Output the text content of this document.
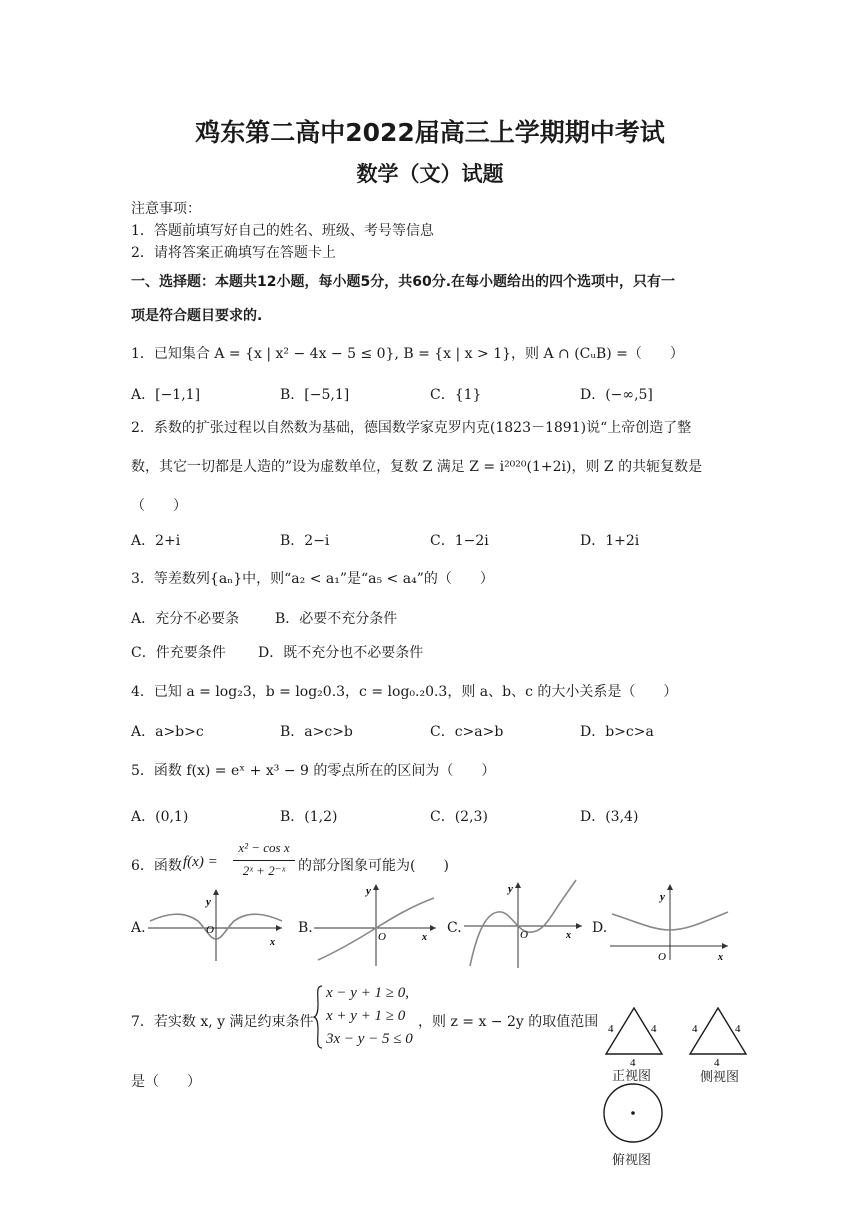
鸡东第二高中2022届高三上学期期中考试
数学（文）试题
注意事项：
1．答题前填写好自己的姓名、班级、考号等信息
2．请将答案正确填写在答题卡上
一、选择题：本题共12小题，每小题5分，共60分.在每小题给出的四个选项中，只有一
项是符合题目要求的.
1．已知集合 A = {x | x² − 4x − 5 ≤ 0}, B = {x | x > 1}，则 A ∩ (CᵤB) =（　　）
A．[−1,1]	B．[−5,1]	C．{1}	D．(−∞,5]
2．系数的扩张过程以自然数为基础，德国数学家克罗内克(1823－1891)说“上帝创造了整
数，其它一切都是人造的”设为虚数单位，复数 Z 满足 Z = i²⁰²⁰(1+2i)，则 Z 的共轭复数是
（　　）
A．2+i	B．2−i	C．1−2i	D．1+2i
3．等差数列{aₙ}中，则“a₂ < a₁”是“a₅ < a₄”的（　　）
A．充分不必要条	B．必要不充分条件
C．件充要条件 D．既不充分也不必要条件
4．已知 a = log₂3，b = log₂0.3，c = log₀.₂0.3，则 a、b、c 的大小关系是（　　）
A．a>b>c	B．a>c>b	C．c>a>b	D．b>c>a
5．函数 f(x) = eˣ + x³ − 9 的零点所在的区间为（　　）
A．(0,1)	B．(1,2)	C．(2,3)	D．(3,4)
6．函数 f(x) =
x² − cos x
2ˣ + 2⁻ˣ 的部分图象可能为(　　)
A.	B.	C.	D.
y
O
x
y
O	x
y
O	x
y
O	x
7．若实数 x, y 满足约束条件
x − y + 1 ≥ 0,
x + y + 1 ≥ 0
3x − y − 5 ≤ 0
，则 z = x − 2y 的取值范围
是（　　）
4	4
4
正视图
4	4
4
侧视图
俯视图
